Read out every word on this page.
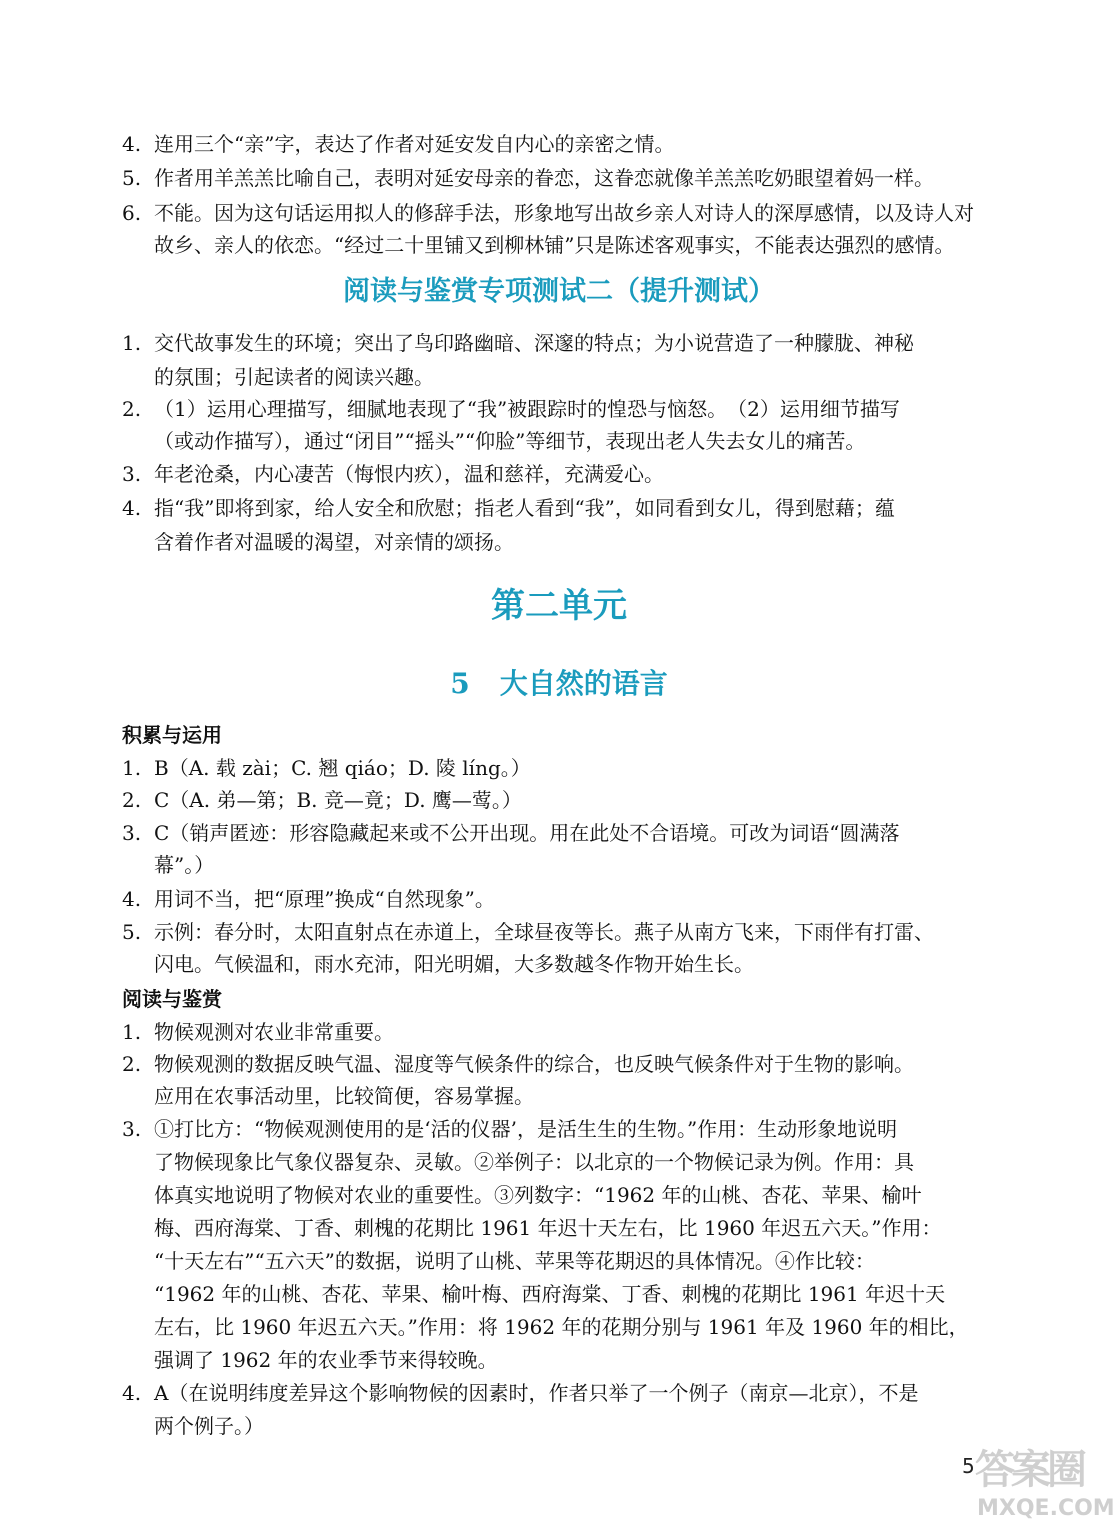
4. 连用三个“亲”字，表达了作者对延安发自内心的亲密之情。
5. 作者用羊羔羔比喻自己，表明对延安母亲的眷恋，这眷恋就像羊羔羔吃奶眼望着妈一样。
6. 不能。因为这句话运用拟人的修辞手法，形象地写出故乡亲人对诗人的深厚感情，以及诗人对
故乡、亲人的依恋。“经过二十里铺又到柳林铺”只是陈述客观事实，不能表达强烈的感情。
阅读与鉴赏专项测试二（提升测试）
1. 交代故事发生的环境；突出了鸟印路幽暗、深邃的特点；为小说营造了一种朦胧、神秘
的氛围；引起读者的阅读兴趣。
2. （1）运用心理描写，细腻地表现了“我”被跟踪时的惶恐与恼怒。　（2）运用细节描写
（或动作描写），通过“闭目”“摇头”“仰脸”等细节，表现出老人失去女儿的痛苦。
3. 年老沧桑，内心凄苦（悔恨内疚），温和慈祥，充满爱心。
4. 指“我”即将到家，给人安全和欣慰；指老人看到“我”，如同看到女儿，得到慰藉；蕴
含着作者对温暖的渴望，对亲情的颂扬。
第二单元
5 大自然的语言
积累与运用
1. B（A. 载 zài；C. 翘 qiáo；D. 陵 líng。）
2. C（A. 弟—第；B. 竞—竟；D. 鹰—莺。）
3. C（销声匿迹：形容隐藏起来或不公开出现。用在此处不合语境。可改为词语“圆满落
幕”。）
4. 用词不当，把“原理”换成“自然现象”。
5. 示例：春分时，太阳直射点在赤道上，全球昼夜等长。燕子从南方飞来，下雨伴有打雷、
闪电。气候温和，雨水充沛，阳光明媚，大多数越冬作物开始生长。
阅读与鉴赏
1. 物候观测对农业非常重要。
2. 物候观测的数据反映气温、湿度等气候条件的综合，也反映气候条件对于生物的影响。
应用在农事活动里，比较简便，容易掌握。
3. ①打比方：“物候观测使用的是‘活的仪器’，是活生生的生物。”作用：生动形象地说明
了物候现象比气象仪器复杂、灵敏。②举例子：以北京的一个物候记录为例。作用：具
体真实地说明了物候对农业的重要性。③列数字：“1962 年的山桃、杏花、苹果、榆叶
梅、西府海棠、丁香、刺槐的花期比 1961 年迟十天左右，比 1960 年迟五六天。”作用：
“十天左右”“五六天”的数据，说明了山桃、苹果等花期迟的具体情况。④作比较：
“1962 年的山桃、杏花、苹果、榆叶梅、西府海棠、丁香、刺槐的花期比 1961 年迟十天
左右，比 1960 年迟五六天。”作用：将 1962 年的花期分别与 1961 年及 1960 年的相比，
强调了 1962 年的农业季节来得较晚。
4. A（在说明纬度差异这个影响物候的因素时，作者只举了一个例子（南京—北京），不是
两个例子。）
5 答案圈
MXQE.COM
